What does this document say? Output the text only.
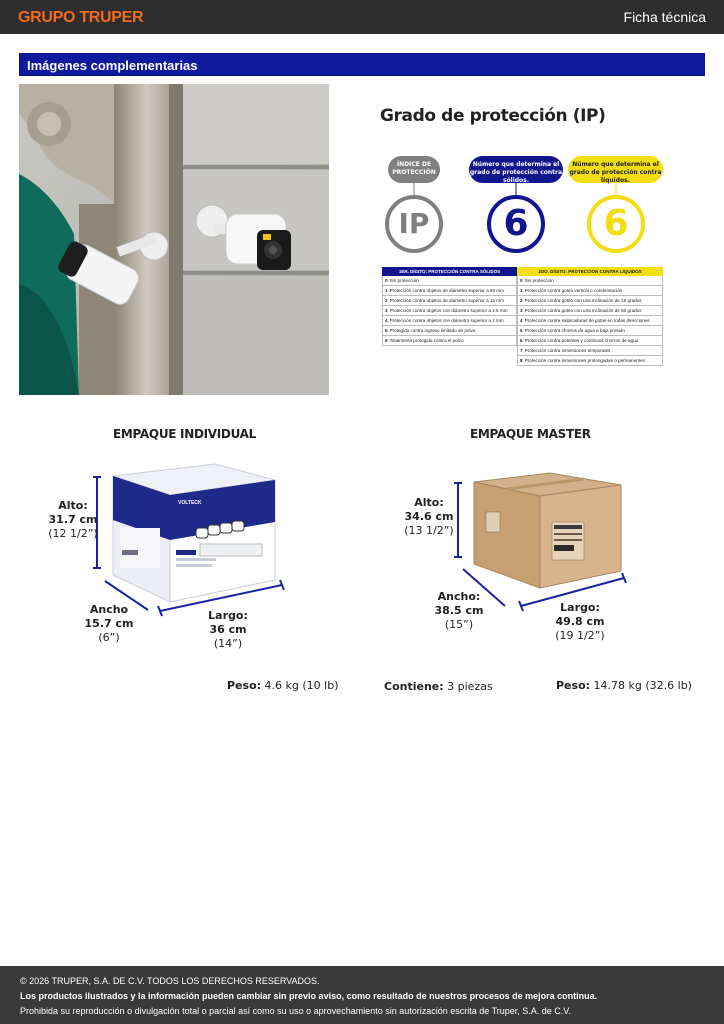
GRUPO TRUPER	Ficha técnica
Imágenes complementarias
Grado de protección (IP)
ÍNDICE DE PROTECCIÓN
Número que determina el grado de protección contra sólidos.
Número que determina el grado de protección contra líquidos.
IP	6	6
1ER. DÍGITO: PROTECCIÓN CONTRA SÓLIDOS
0 Sin protección
1 Protección contra objetos de diámetro superior a 50 mm
2 Protección contra objetos de diámetro superior a 12 mm
3 Protección contra objetos con diámetro superior a 2.5 mm
4 Protección contra objetos con diámetro superior a 1 mm
5 Protegido contra ingreso limitado de polvo
6 Totalmente protegido contra el polvo
2DO. DÍGITO: PROTECCIÓN CONTRA LÍQUIDOS
0 Sin protección
1 Protección contra goteo vertical o condensación
2 Protección contra goteo con una inclinación de 15 grados
3 Protección contra goteo con una inclinación de 60 grados
4 Protección contra salpicaduras de gotas en todas direcciones
5 Protección contra chorros de agua a baja presión
6 Protección contra potentes y continuos chorros de agua
7 Protección contra inmersiones temporales
8 Protección contra inmersiones prolongadas o permanentes
EMPAQUE INDIVIDUAL	EMPAQUE MASTER
VOLTECK
Alto:
31.7 cm
(12 1/2”)
Ancho
15.7 cm
(6”)
Largo:
36 cm
(14”)
Alto:
34.6 cm
(13 1/2”)
Ancho:
38.5 cm
(15”)
Largo:
49.8 cm
(19 1/2”)
Peso: 4.6 kg (10 lb)	Contiene: 3 piezas	Peso: 14.78 kg (32.6 lb)

© 2026 TRUPER, S.A. DE C.V. TODOS LOS DERECHOS RESERVADOS.

Los productos ilustrados y la información pueden cambiar sin previo aviso, como resultado de nuestros procesos de mejora continua.

Prohibida su reproducción o divulgación total o parcial así como su uso o aprovechamiento sin autorización escrita de Truper, S.A. de C.V.
